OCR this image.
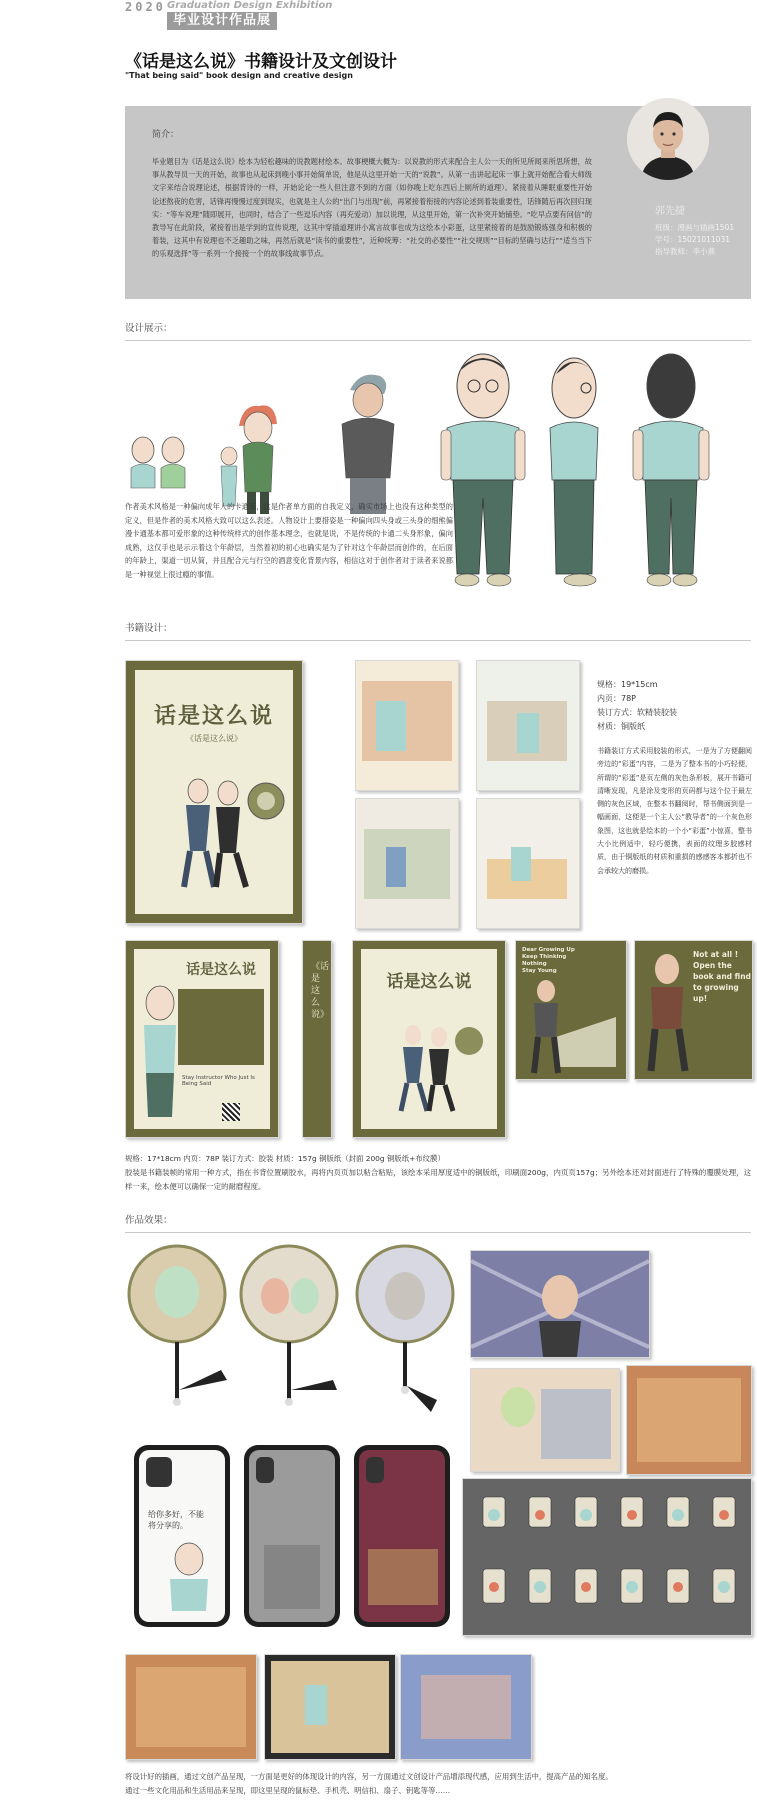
2020 Graduation Design Exhibition
毕业设计作品展
《话是这么说》书籍设计及文创设计
"That being said" book design and creative design
简介：
毕业题目为《话是这么说》绘本为轻松趣味的说教题材绘本。故事梗概大概为：以说教的形式来配合主人公一天的所见所闻来所思所想，故事从教导员一天的开始，故事也从起床到晚小事开始简单说，他是从这里开始一天的“说教”。从第一击讲起起床一事上就开始配合看大师级文字来结合说理论述，根据背诗的一样，开始论论一些人但注意不到的方面（如你晚上吃东西后上厕所的道理）。紧接着从睡眠重要性开始论述熬夜的危害，话锋再慢慢过度到现实，也就是主人公的“出门与出现”前，再紧接着衔接的内容论述到着装重要性，话锋随后再次回归现实：“等车说理”随即展开，也同时，结合了一些逗乐内容（再充爱动）加以说理，从这里开始，第一次补突开始铺垫。“吃早点要有问信”的教导写在此阶段，紧接着出是学到的宣传说理，这其中穿插道理讲小寓言故事也成为这绘本小彩蛋，这里紧接着的是鼓励锻炼强身和积极的着装，这其中有说理也不乏趣助之味，再然后就是“读书的重要性”，近种统筹：“社交的必要性”“社交规则”“目标的坚确与达行”“适当当下的乐观选择”等一系列一个接接一个的故事线故事节点。
郭先捷
班级：漫画与插画1501
学号：15021011031
指导教师：李小燕
设计展示：
作者美术风格是一种偏向成年人的卡通版，这是作者单方面的自我定义，确实市场上也没有这种类型的定义，但是作者的美术风格大致可以这么表述。人物设计上要措姿是一种偏向四头身或三头身的细熊偏漫卡通基本都可爱形象的这种传统样式的创作基本理念，也就是说，不是传统的卡通二头身形象，偏向成熟，这仅手也是示示着这个年龄层，当然着初的初心也确实是为了针对这个年龄层而创作的，在后面的年龄上，渠道一切从简，并且配合元与行空的酒意变化背景内容，相信这对于创作者对于读者来说都是一种视觉上很过瘾的事情。
书籍设计：
话是这么说
《话是这么说》
规格：19*15cm
内页：78P
装订方式：软精装胶装
材质：铜版纸
书籍装订方式采用胶装的形式，一是为了方便翻阅旁边的“彩蛋”内容，二是为了整本书的小巧轻便，所谓的“彩蛋”是页左侧的灰色条形板，展开书籍可清晰发现，凡是涂及变形的页码都与这个位于最左侧的灰色区域，在整本书翻阅时，帮书侧面到是一幅画面，这便是一个主人公“教导者”的一个灰色形象图，这也就是绘本的一个小“彩蛋”小惊喜，整书大小比例适中，轻巧便携，表面的纹理多胶感材质，由于铜版纸的材质和重损的感感客本都折也不会承较大的磨损。
话是这么说
Stay Instructor Who Just Is Being Said
《话是这么说》
话是这么说
Dear Growing Up
Keep Thinking
Nothing
Stay Young
Not at all !
Open the
book and find
to growing
up!
规格：17*18cm 内页：78P 装订方式：胶装 材质：157g 铜版纸（封面 200g 铜版纸+布纹膜）
胶装是书籍装帧的常用一种方式，指在书背位置刷胶水，再将内页页加以粘合粘贴，该绘本采用厚度适中的铜版纸，印刷面200g，内页页157g；另外绘本还对封面进行了特殊的覆膜处理，这样一来，绘本便可以确保一定的耐磨程度。
作品效果：
给你多好，不能将分享的。
将设计好的插画，通过文创产品呈现，一方面是更好的体现设计的内容，另一方面通过文创设计产品增添现代感，应用到生活中，提高产品的知名度。
通过一些文化用品和生活用品来呈现，即这里呈现的鼠标垫、手机壳、明信扣、扇子、钥匙等等……
